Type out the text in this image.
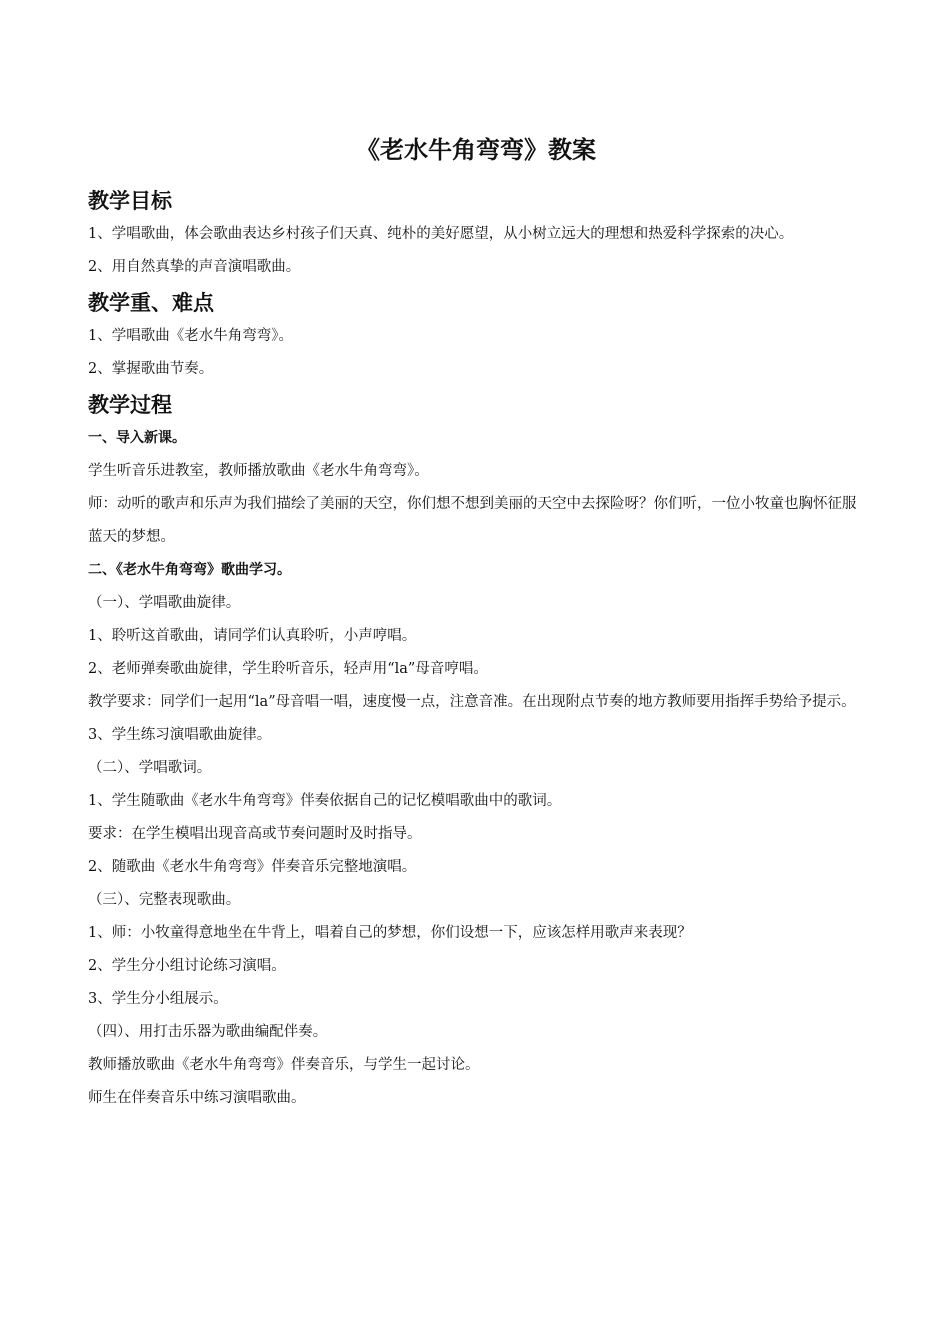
《老水牛角弯弯》教案
教学目标

1、学唱歌曲，体会歌曲表达乡村孩子们天真、纯朴的美好愿望，从小树立远大的理想和热爱科学探索的决心。

2、用自然真挚的声音演唱歌曲。

教学重、难点

1、学唱歌曲《老水牛角弯弯》。

2、掌握歌曲节奏。

教学过程

一、导入新课。

学生听音乐进教室，教师播放歌曲《老水牛角弯弯》。

师：动听的歌声和乐声为我们描绘了美丽的天空，你们想不想到美丽的天空中去探险呀？你们听，一位小牧童也胸怀征服蓝天的梦想。

二、《老水牛角弯弯》歌曲学习。

（一）、学唱歌曲旋律。

1、聆听这首歌曲，请同学们认真聆听，小声哼唱。

2、老师弹奏歌曲旋律，学生聆听音乐，轻声用“la”母音哼唱。

教学要求：同学们一起用“la”母音唱一唱，速度慢一点，注意音准。在出现附点节奏的地方教师要用指挥手势给予提示。

3、学生练习演唱歌曲旋律。

（二）、学唱歌词。

1、学生随歌曲《老水牛角弯弯》伴奏依据自己的记忆模唱歌曲中的歌词。

要求：在学生模唱出现音高或节奏问题时及时指导。

2、随歌曲《老水牛角弯弯》伴奏音乐完整地演唱。

（三）、完整表现歌曲。

1、师：小牧童得意地坐在牛背上，唱着自己的梦想，你们设想一下，应该怎样用歌声来表现？

2、学生分小组讨论练习演唱。

3、学生分小组展示。

（四）、用打击乐器为歌曲编配伴奏。

教师播放歌曲《老水牛角弯弯》伴奏音乐，与学生一起讨论。

师生在伴奏音乐中练习演唱歌曲。
